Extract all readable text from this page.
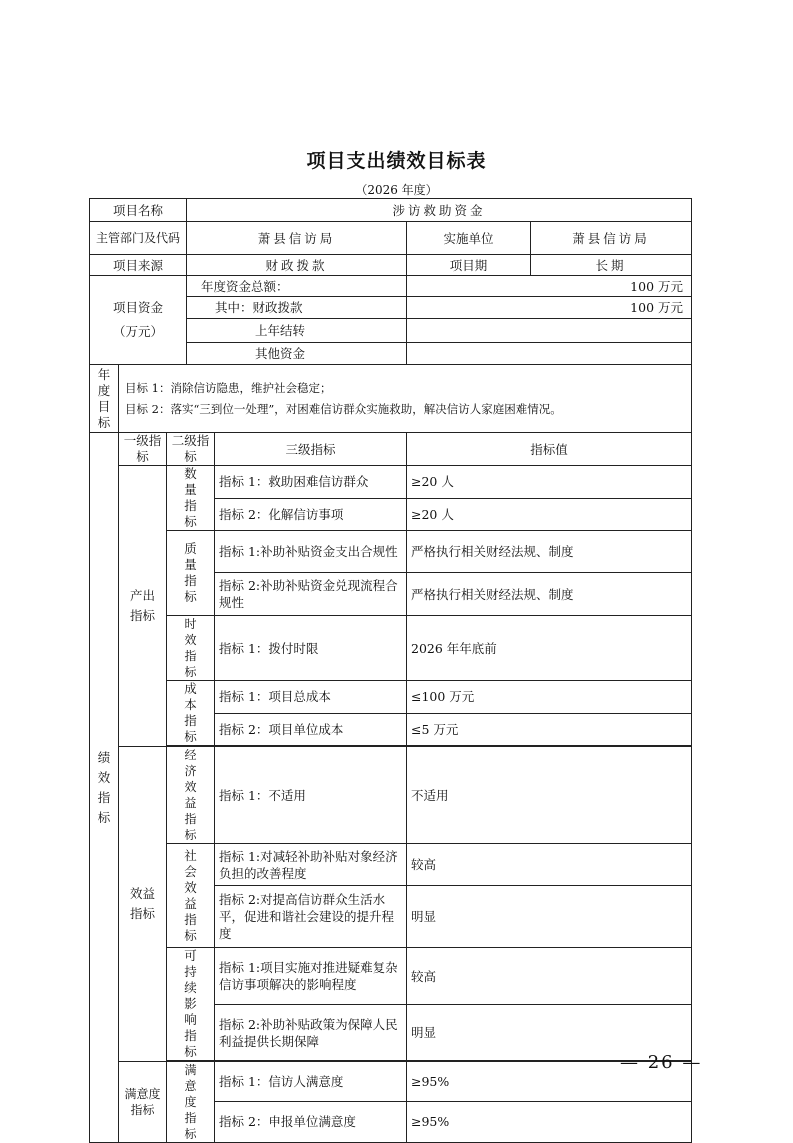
项目支出绩效目标表
（2026 年度）
项目名称			涉访救助资金			
主管部门及代码			萧县信访局		实施单位	萧县信访局
项目来源			财政拨款		项目期	长期

项目资金
（万元）			年度资金总额：		100 万元	
			其中：财政拨款		100 万元	
			上年结转			
			其他资金			
年度目标	目标 1：消除信访隐患，维护社会稳定；
目标 2：落实“三到位一处理”，对困难信访群众实施救助，解决信访人家庭困难情况。					

绩效指标	一级指标	二级指标		三级指标	指标值	
	产出指标	数量指标		指标 1：救助困难信访群众	≥20 人	
				指标 2：化解信访事项	≥20 人	
		质量指标		指标 1:补助补贴资金支出合规性	严格执行相关财经法规、制度	
				指标 2:补助补贴资金兑现流程合规性	严格执行相关财经法规、制度	
		时效指标		指标 1：拨付时限	2026 年年底前	
		成本指标		指标 1：项目总成本	≤100 万元	
				指标 2：项目单位成本	≤5 万元	

	效益指标	经济效益指标		指标 1：不适用	不适用	
		社会效益指标		指标 1:对减轻补助补贴对象经济负担的改善程度	较高	
				指标 2:对提高信访群众生活水平，促进和谐社会建设的提升程度	明显	
		可持续影响指标		指标 1:项目实施对推进疑难复杂信访事项解决的影响程度	较高	
				指标 2:补助补贴政策为保障人民利益提供长期保障	明显	

	满意度指标	满意度指标		指标 1：信访人满意度	≥95%	
				指标 2：申报单位满意度	≥95%	
— 26 —
